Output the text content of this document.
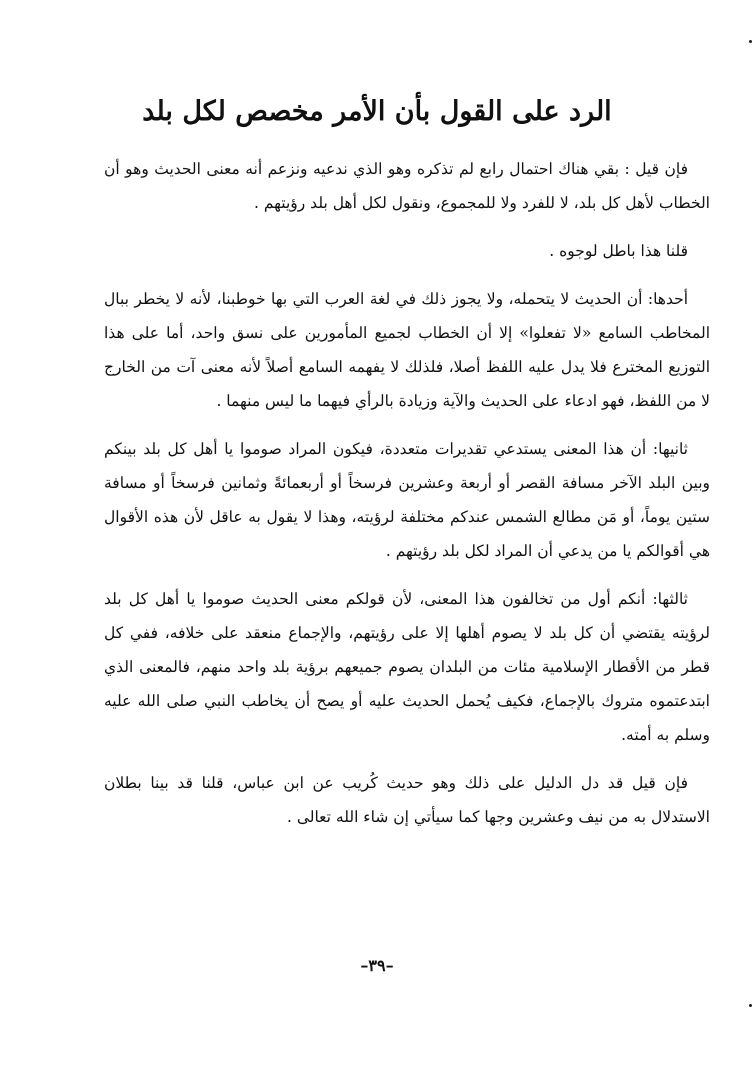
الرد على القول بأن الأمر مخصص لكل بلد

فإن قيل : بقي هناك احتمال رابع لم تذكره وهو الذي ندعيه ونزعم أنه معنى الحديث وهو أن الخطاب لأهل كل بلد، لا للفرد ولا للمجموع، ونقول لكل أهل بلد رؤيتهم .

قلنا هذا باطل لوجوه .

أحدها: أن الحديث لا يتحمله، ولا يجوز ذلك في لغة العرب التي بها خوطبنا، لأنه لا يخطر ببال المخاطب السامع «لا تفعلوا» إلا أن الخطاب لجميع المأمورين على نسق واحد، أما على هذا التوزيع المخترع فلا يدل عليه اللفظ أصلا، فلذلك لا يفهمه السامع أصلاً لأنه معنى آت من الخارج لا من اللفظ، فهو ادعاء على الحديث والآية وزيادة بالرأي فيهما ما ليس منهما .

ثانيها: أن هذا المعنى يستدعي تقديرات متعددة، فيكون المراد صوموا يا أهل كل بلد بينكم وبين البلد الآخر مسافة القصر أو أربعة وعشرين فرسخاً أو أربعمائةً وثمانين فرسخاً أو مسافة ستين يوماً، أو مَن مطالع الشمس عندكم مختلفة لرؤيته، وهذا لا يقول به عاقل لأن هذه الأقوال هي أقوالكم يا من يدعي أن المراد لكل بلد رؤيتهم .

ثالثها: أنكم أول من تخالفون هذا المعنى، لأن قولكم معنى الحديث صوموا يا أهل كل بلد لرؤيته يقتضي أن كل بلد لا يصوم أهلها إلا على رؤيتهم، والإجماع منعقد على خلافه، ففي كل قطر من الأقطار الإسلامية مئات من البلدان يصوم جميعهم برؤية بلد واحد منهم، فالمعنى الذي ابتدعتموه متروك بالإجماع، فكيف يُحمل الحديث عليه أو يصح أن يخاطب النبي صلى الله عليه وسلم به أمته.

فإن قيل قد دل الدليل على ذلك وهو حديث كُريب عن ابن عباس، قلنا قد بينا بطلان الاستدلال به من نيف وعشرين وجها كما سيأتي إن شاء الله تعالى .

–٣٩–
